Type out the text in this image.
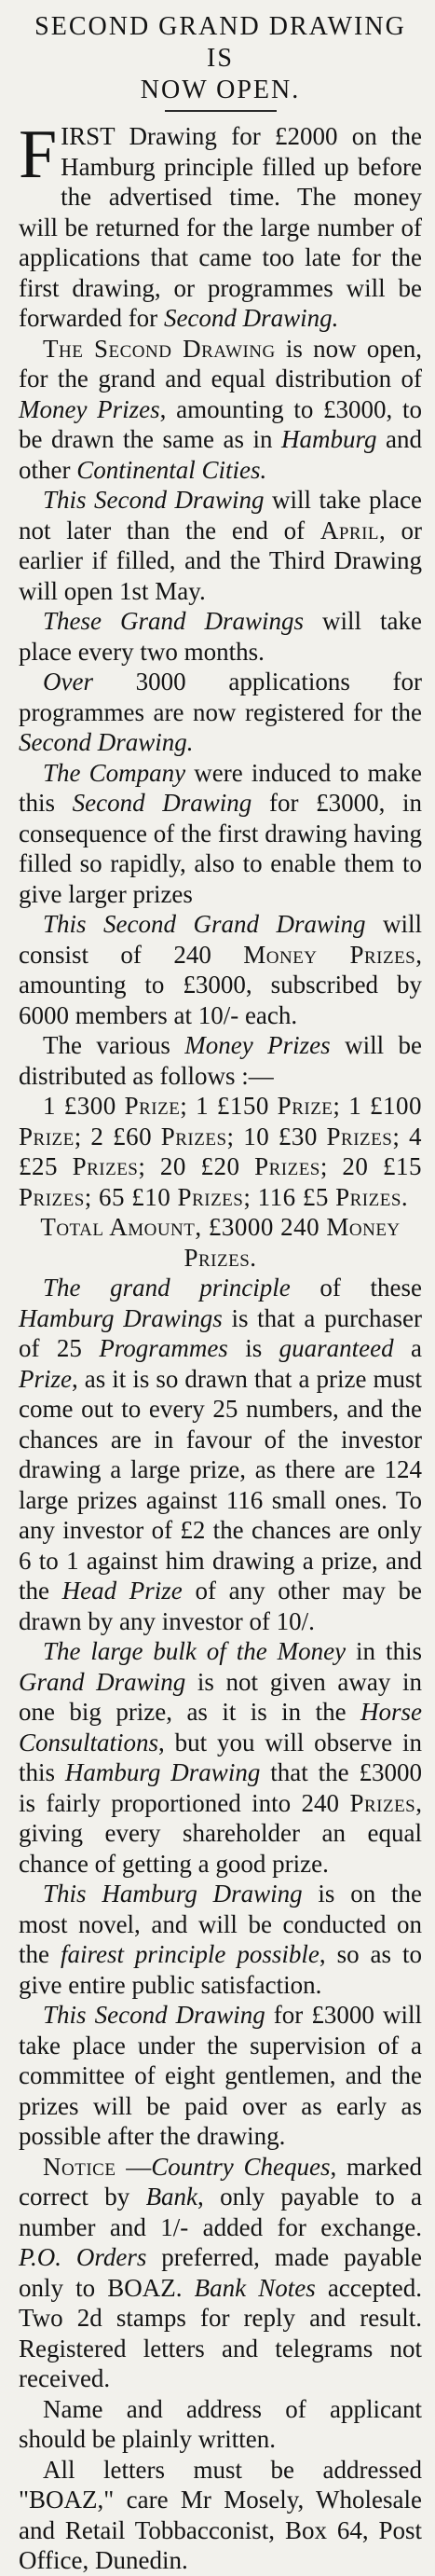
SECOND GRAND DRAWING IS
NOW OPEN.

FIRST Drawing for £2000 on the Hamburg principle filled up before the advertised time. The money will be returned for the large number of applications that came too late for the first drawing, or programmes will be forwarded for Second Drawing.

The Second Drawing is now open, for the grand and equal distribution of Money Prizes, amounting to £3000, to be drawn the same as in Hamburg and other Continental Cities.

This Second Drawing will take place not later than the end of April, or earlier if filled, and the Third Drawing will open 1st May.

These Grand Drawings will take place every two months.

Over 3000 applications for programmes are now registered for the Second Drawing.

The Company were induced to make this Second Drawing for £3000, in consequence of the first drawing having filled so rapidly, also to enable them to give larger prizes

This Second Grand Drawing will consist of 240 Money Prizes, amounting to £3000, subscribed by 6000 members at 10/- each.

The various Money Prizes will be distributed as follows :—

1 £300 Prize; 1 £150 Prize; 1 £100 Prize; 2 £60 Prizes; 10 £30 Prizes; 4 £25 Prizes; 20 £20 Prizes; 20 £15 Prizes; 65 £10 Prizes; 116 £5 Prizes.

Total Amount, £3000 240 Money Prizes.

The grand principle of these Hamburg Drawings is that a purchaser of 25 Programmes is guaranteed a Prize, as it is so drawn that a prize must come out to every 25 numbers, and the chances are in favour of the investor drawing a large prize, as there are 124 large prizes against 116 small ones. To any investor of £2 the chances are only 6 to 1 against him drawing a prize, and the Head Prize of any other may be drawn by any investor of 10/.

The large bulk of the Money in this Grand Drawing is not given away in one big prize, as it is in the Horse Consultations, but you will observe in this Hamburg Drawing that the £3000 is fairly proportioned into 240 Prizes, giving every shareholder an equal chance of getting a good prize.

This Hamburg Drawing is on the most novel, and will be conducted on the fairest principle possible, so as to give entire public satisfaction.

This Second Drawing for £3000 will take place under the supervision of a committee of eight gentlemen, and the prizes will be paid over as early as possible after the drawing.

Notice —Country Cheques, marked correct by Bank, only payable to a number and 1/- added for exchange. P.O. Orders preferred, made payable only to BOAZ. Bank Notes accepted. Two 2d stamps for reply and result. Registered letters and telegrams not received.

Name and address of applicant should be plainly written.

All letters must be addressed "BOAZ," care Mr Mosely, Wholesale and Retail Tobbacconist, Box 64, Post Office, Dunedin.
